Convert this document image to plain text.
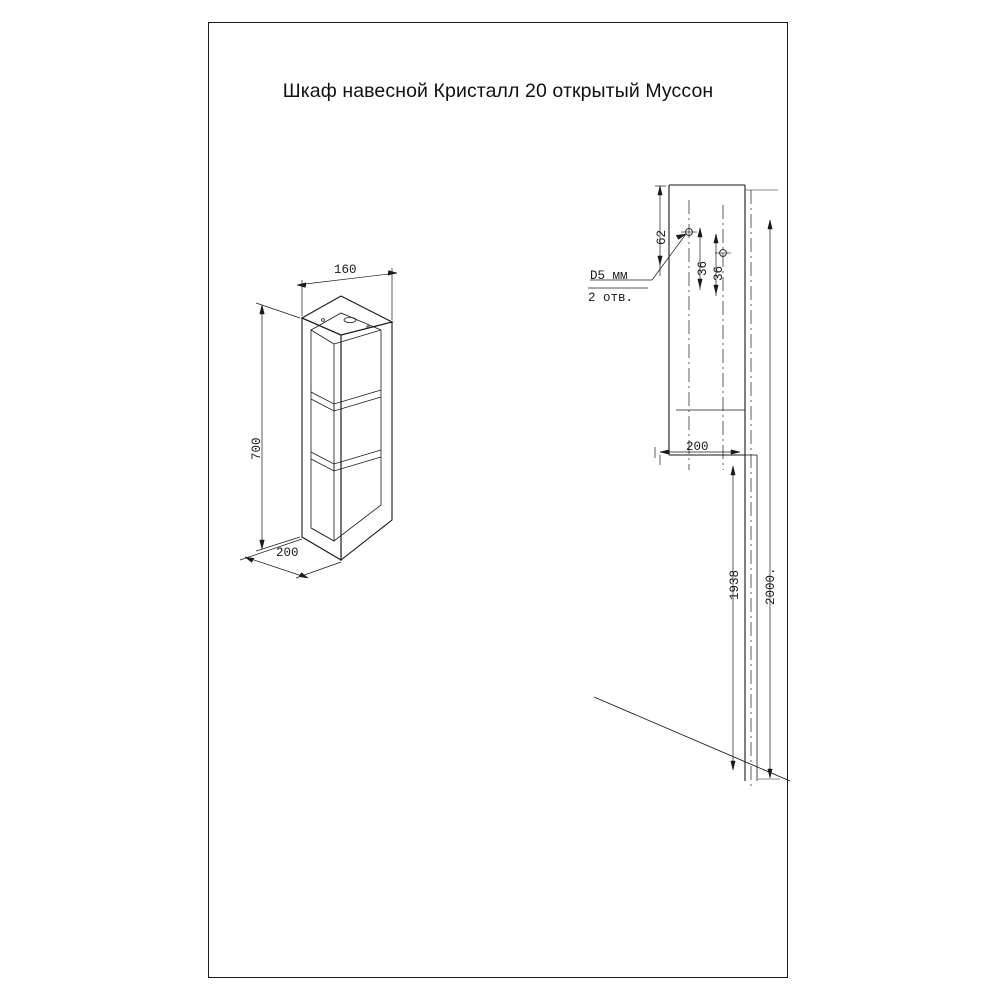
Шкаф навесной Кристалл 20 открытый Муссон
160
700
200
62
36 36
D5 мм
2 отв.
200
1938 2000.
